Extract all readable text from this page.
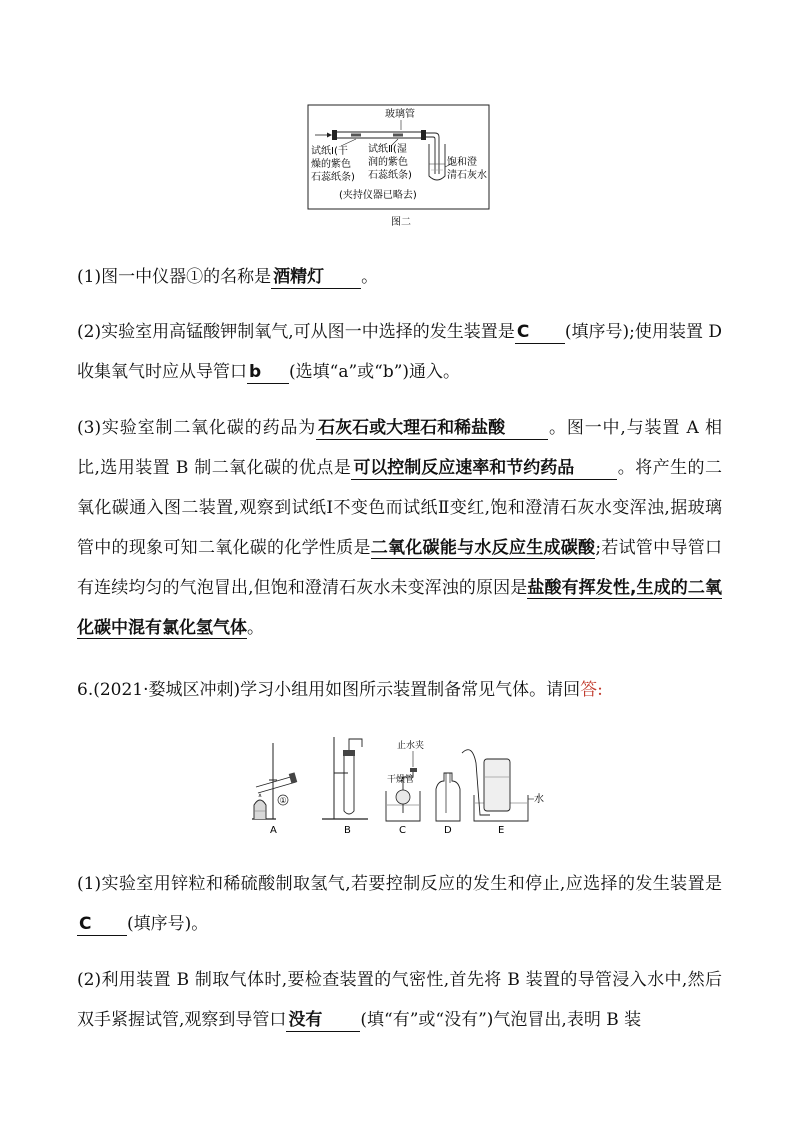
玻璃管
试纸Ⅰ(干
燥的紫色
石蕊纸条)
试纸Ⅱ(湿
润的紫色
石蕊纸条)
饱和澄
清石灰水
(夹持仪器已略去)
图二

(1)图一中仪器①的名称是 酒精灯 。

(2)实验室用高锰酸钾制氧气,可从图一中选择的发生装置是 C (填序号);使用装置 D 收集氧气时应从导管口 b (选填“a”或“b”)通入。

(3)实验室制二氧化碳的药品为 石灰石或大理石和稀盐酸	。图一中,与装置 A 相比,选用装置 B 制二氧化碳的优点是 可以控制反应速率和节约药品	。将产生的二氧化碳通入图二装置,观察到试纸Ⅰ不变色而试纸Ⅱ变红,饱和澄清石灰水变浑浊,据玻璃管中的现象可知二氧化碳的化学性质是二氧化碳能与水反应生成碳酸;若试管中导管口有连续均匀的气泡冒出,但饱和澄清石灰水未变浑浊的原因是盐酸有挥发性,生成的二氧化碳中混有氯化氢气体。

6.(2021·婺城区冲刺)学习小组用如图所示装置制备常见气体。请回答:

①
A	B
干燥管
止水夹
C	D
水
E

(1)实验室用锌粒和稀硫酸制取氢气,若要控制反应的发生和停止,应选择的发生装置是C (填序号)。

(2)利用装置 B 制取气体时,要检查装置的气密性,首先将 B 装置的导管浸入水中,然后双手紧握试管,观察到导管口 没有 (填“有”或“没有”)气泡冒出,表明 B 装
